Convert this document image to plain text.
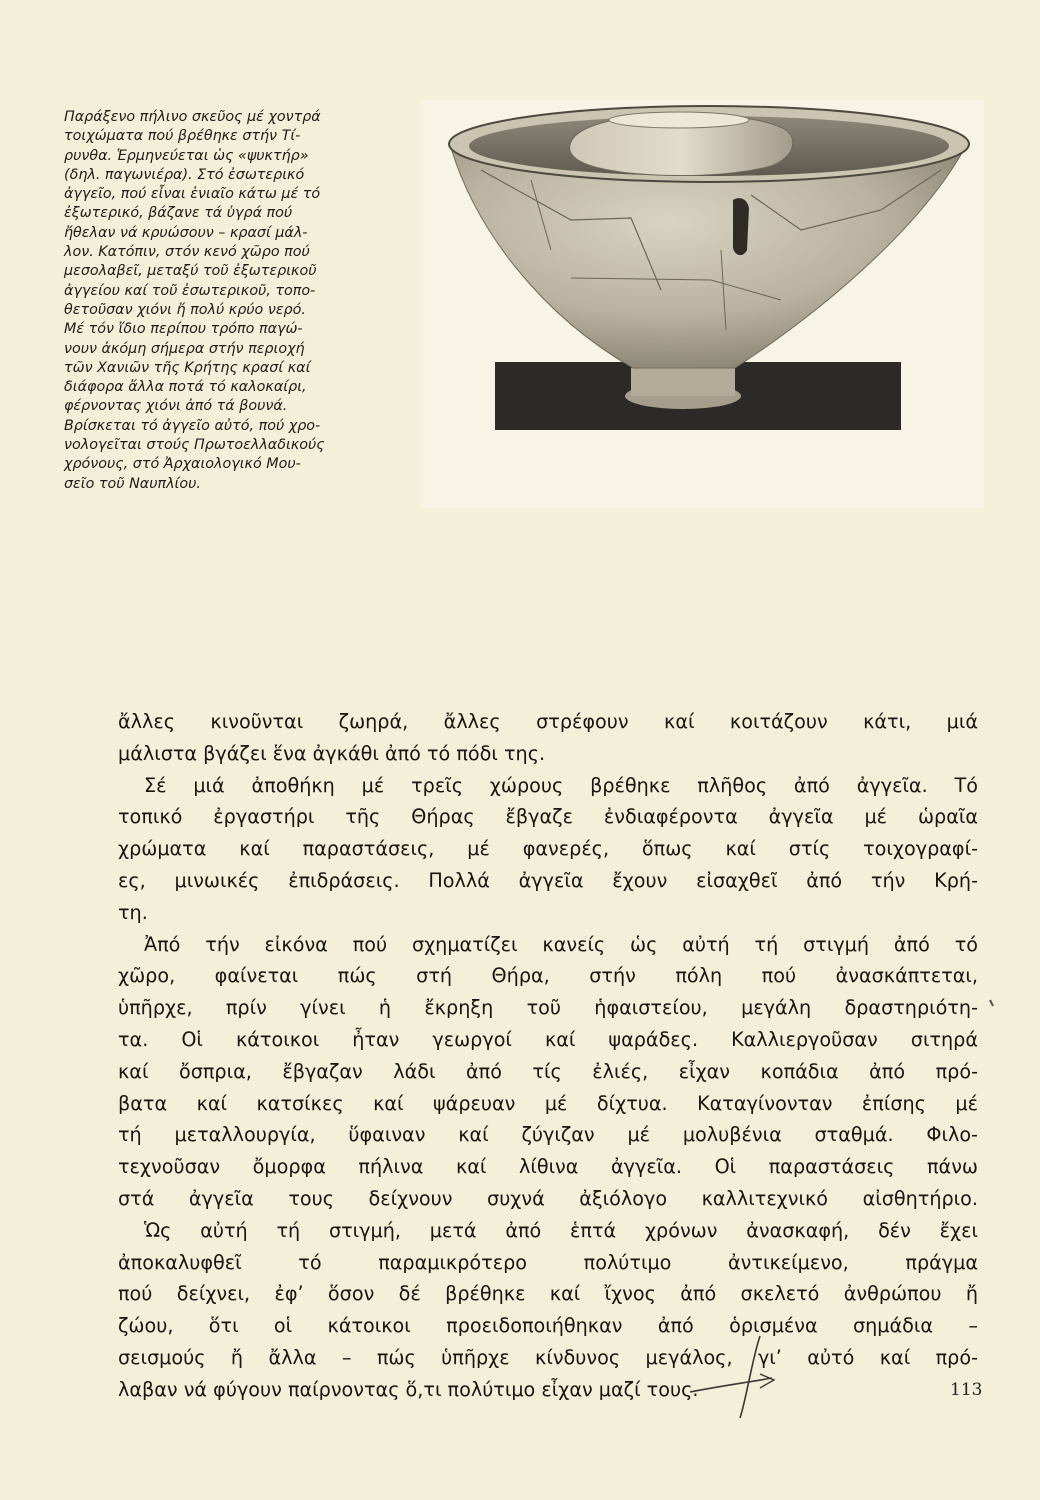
Παράξενο πήλινο σκεῦος μέ χοντρά
τοιχώματα πού βρέθηκε στήν Τί-
ρυνθα. Ἑρμηνεύεται ὡς «ψυκτήρ»
(δηλ. παγωνιέρα). Στό ἐσωτερικό
ἀγγεῖο, πού εἶναι ἑνιαῖο κάτω μέ τό
ἐξωτερικό, βάζανε τά ὑγρά πού
ἤθελαν νά κρυώσουν – κρασί μάλ-
λον. Κατόπιν, στόν κενό χῶρο πού
μεσολαβεῖ, μεταξύ τοῦ ἐξωτερικοῦ
ἀγγείου καί τοῦ ἐσωτερικοῦ, τοπο-
θετοῦσαν χιόνι ἤ πολύ κρύο νερό.
Μέ τόν ἴδιο περίπου τρόπο παγώ-
νουν ἀκόμη σήμερα στήν περιοχή
τῶν Χανιῶν τῆς Κρήτης κρασί καί
διάφορα ἄλλα ποτά τό καλοκαίρι,
φέρνοντας χιόνι ἀπό τά βουνά.
Βρίσκεται τό ἀγγεῖο αὐτό, πού χρο-
νολογεῖται στούς Πρωτοελλαδικούς
χρόνους, στό Ἀρχαιολογικό Μου-
σεῖο τοῦ Ναυπλίου.
ἄλλες κινοῦνται ζωηρά, ἄλλες στρέφουν καί κοιτάζουν κάτι, μιά
μάλιστα βγάζει ἕνα ἀγκάθι ἀπό τό πόδι της.
Σέ μιά ἀποθήκη μέ τρεῖς χώρους βρέθηκε πλῆθος ἀπό ἀγγεῖα. Τό
τοπικό ἐργαστήρι τῆς Θήρας ἔβγαζε ἐνδιαφέροντα ἀγγεῖα μέ ὡραῖα
χρώματα καί παραστάσεις, μέ φανερές, ὅπως καί στίς τοιχογραφί-
ες, μινωικές ἐπιδράσεις. Πολλά ἀγγεῖα ἔχουν εἰσαχθεῖ ἀπό τήν Κρή-
τη.
Ἀπό τήν εἰκόνα πού σχηματίζει κανείς ὡς αὐτή τή στιγμή ἀπό τό
χῶρο, φαίνεται πώς στή Θήρα, στήν πόλη πού ἀνασκάπτεται,
ὑπῆρχε, πρίν γίνει ἡ ἔκρηξη τοῦ ἡφαιστείου, μεγάλη δραστηριότη-
τα. Οἱ κάτοικοι ἦταν γεωργοί καί ψαράδες. Καλλιεργοῦσαν σιτηρά
καί ὄσπρια, ἔβγαζαν λάδι ἀπό τίς ἐλιές, εἶχαν κοπάδια ἀπό πρό-
βατα καί κατσίκες καί ψάρευαν μέ δίχτυα. Καταγίνονταν ἐπίσης μέ
τή μεταλλουργία, ὕφαιναν καί ζύγιζαν μέ μολυβένια σταθμά. Φιλο-
τεχνοῦσαν ὄμορφα πήλινα καί λίθινα ἀγγεῖα. Οἱ παραστάσεις πάνω
στά ἀγγεῖα τους δείχνουν συχνά ἀξιόλογο καλλιτεχνικό αἰσθητήριο.
Ὡς αὐτή τή στιγμή, μετά ἀπό ἑπτά χρόνων ἀνασκαφή, δέν ἔχει
ἀποκαλυφθεῖ τό παραμικρότερο πολύτιμο ἀντικείμενο, πράγμα
πού δείχνει, ἐφ’ ὅσον δέ βρέθηκε καί ἴχνος ἀπό σκελετό ἀνθρώπου ἤ
ζώου, ὅτι οἱ κάτοικοι προειδοποιήθηκαν ἀπό ὁρισμένα σημάδια –
σεισμούς ἤ ἄλλα – πώς ὑπῆρχε κίνδυνος μεγάλος, γι’ αὐτό καί πρό-
λαβαν νά φύγουν παίρνοντας ὅ,τι πολύτιμο εἶχαν μαζί τους.	113
